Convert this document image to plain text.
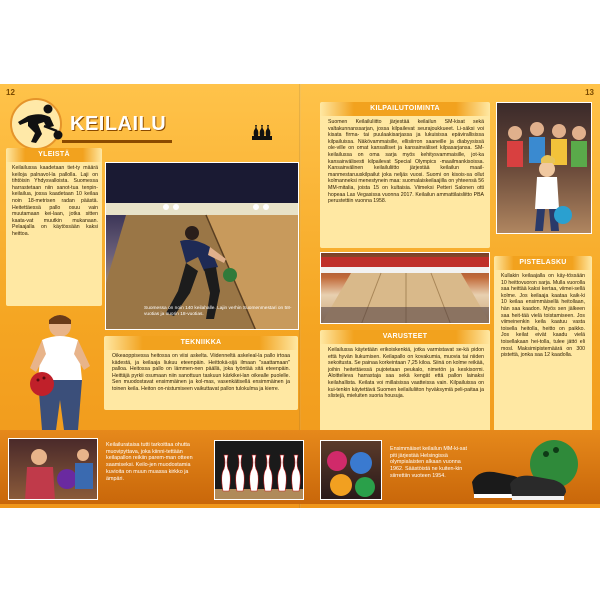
12	13
KEILAILU
YLEISTÄ
Keilailussa kaadetaan tiet-ty määrä keiloja palnavol-la pallolla. Laji on tihtöisin Yhdysvalloista. Suomessa harrastetaan niin sanot-tua tenpin-keilailua, jossa kaadetaan 10 keilaa noin 18-metrisen radan päästä. Heitettäessä pallo osuu vain muutamaan kei-laan, jotka sitten kaata-vat muutkin mukanaan. Pelaajalla on käytössään kaksi heittoa.
Suomessa on noin 140 keilahalle. Lajin verhin Suomenmestari on 58-vuotias ja nuorin 18-vuotias.
TEKNIIKKA
Oikeaoppisessa heitossa on viisi askelta. Viidenneltä askeleal-la pallo irtoaa kädestä, ja keilaaja liukuu eteenpäin. Heittokä-sijä ilmaan "saattamaan" palloa. Heitossa pallo on lämmen-nen päällä, joka työntää sitä eteenpäin. Heittäjä pyrkii osumaan niin sanottuun taskuun kärkikei-lan oikealle puolelle. Sen muodostavat ensimmäinen ja kol-mas, vasenkätisellä ensimmäinen ja toinen keila. Heiton on-nistumiseen vaikuttavat pallon tulokulma ja kierre.
KILPAILUTOIMINTA
Suomen Keilailuliitto järjestää keilailun SM-kisat sekä valtakunnanssarjan, jossa kilpailevat seurajoukkueet. Li-säksi voi kisata firma- tai puulaakisarjassa ja lukuisissa epävirallisissa kilpailuissa. Näkövammaisille, ellisiirron saaneille ja diabyysissä ole-ville on omat kansalliset ja kansainväliset kilpasarjansa. SM-keilailussa on oma sarja myös kehitysvammaisille, jot-ka kansainvälisesti kilpailevat Special Olympics -maailmankisoissa. Kansainvälinen keilailuliitto järjestää keilailun maail-manmestaruuskilpailut joka neljäs vuosi. Suomi on kisois-sa ollut kolmanneksi menestynein maa: suomalaiskeilaajilla on yhteensä 56 MM-mitalia, joista 15 on kultaisia. Viimeksi Petteri Salonen otti hopeaa Las Vegasissa vuonna 2017. Keilailun ammattilaisliitto PBA perustettiin vuonna 1958.
PISTELASKU
Kullakin keilaajalla on käy-tössään 10 heittovuoron sarja. Mulla vuorolla saa heittää kaksi kertaa, viimei-sellä kolme. Jos keilaaja kaataa kaik-ki 10 keilaa ensimmäisellä heitollaan, hän saa kaadon. Myös sen jälkeen saa heit-tää vielä toistamiseen. Jos viimeinenkin keila kaatuu vasta toisella heitolla, heitto on paikko. Jos keilat eivät kaadu vielä toisellakaan hei-tolla, tulee jättö eli mosl. Maksimipistemäärä on 300 pistettä, jonka saa 12 kaadolla.
VARUSTEET
Keilailussa käytetään erikoiskenkiä, jotka varmistavat se-kä pidon että hyvän liukumisen. Keilapallo on kovakumia, muovia tai niiden sekoitusta. Se painaa korkeintaan 7,25 kiloa. Siinä on kolme reikää, joihin heitettäessä pujotetaan peukalo, nimetön ja keskisormi. Aloittelieva harrastaja saa sekä kengät että pallon lainaksi keilahallista. Keilata voi millaisissa vaatteissa vain. Kilpailuissa on kui-tenkin käytettävä Suomen keilailuliiton hyväksymiä peli-paitaa ja slistejä, mieluiten suoria housuja.
Keilailurataisa tutti tarkoittaa ohutta muovipyttava, joka kiinni-tettään keilapallon reikiin parem-man otteen saamiseksi. Keilo-jen muodostamia kuvioita on muun muassa kirkko ja ämpäri.
Ensimmäiset keilailun MM-ki-sat piti järjestää Helsingissä olympialaisten alkaan vuonna 1962. Säästöistä ne kuiten-kin siirrettiin vuoteen 1954.
